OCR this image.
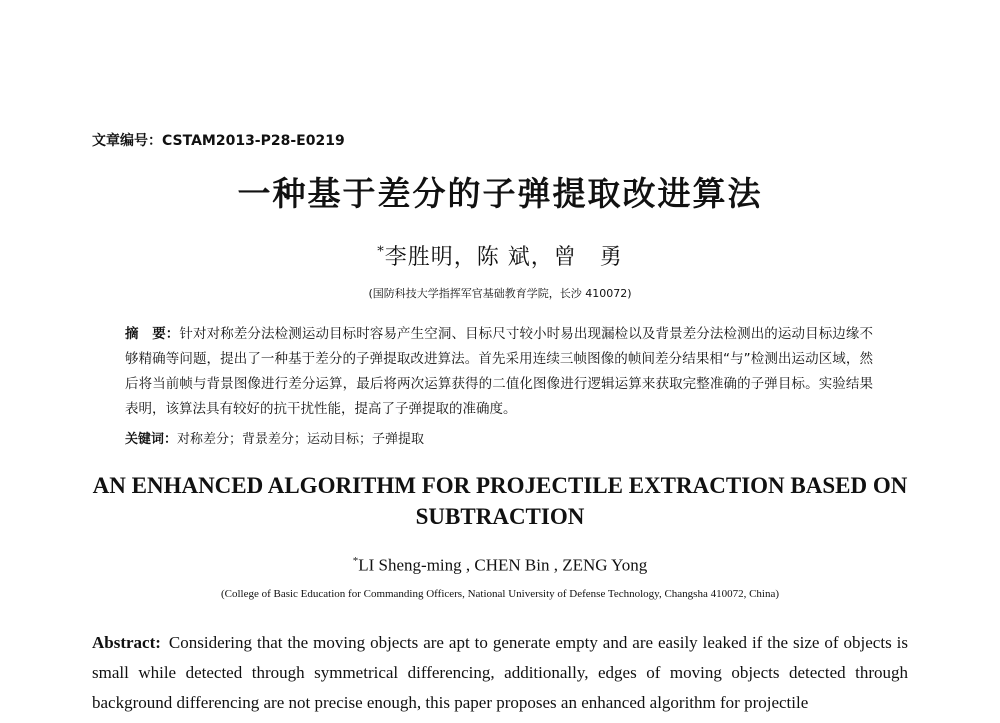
文章编号：CSTAM2013-P28-E0219
一种基于差分的子弹提取改进算法
*李胜明，陈 斌，曾　勇
(国防科技大学指挥军官基础教育学院，长沙 410072)
摘　要：针对对称差分法检测运动目标时容易产生空洞、目标尺寸较小时易出现漏检以及背景差分法检测出的运动目标边缘不够精确等问题，提出了一种基于差分的子弹提取改进算法。首先采用连续三帧图像的帧间差分结果相“与”检测出运动区域，然后将当前帧与背景图像进行差分运算，最后将两次运算获得的二值化图像进行逻辑运算来获取完整准确的子弹目标。实验结果表明，该算法具有较好的抗干扰性能，提高了子弹提取的准确度。
关键词：对称差分；背景差分；运动目标；子弹提取
AN ENHANCED ALGORITHM FOR PROJECTILE EXTRACTION BASED ON SUBTRACTION
*LI Sheng-ming , CHEN Bin , ZENG Yong
(College of Basic Education for Commanding Officers, National University of Defense Technology, Changsha 410072, China)
Abstract: Considering that the moving objects are apt to generate empty and are easily leaked if the size of objects is small while detected through symmetrical differencing, additionally, edges of moving objects detected through background differencing are not precise enough, this paper proposes an enhanced algorithm for projectile
